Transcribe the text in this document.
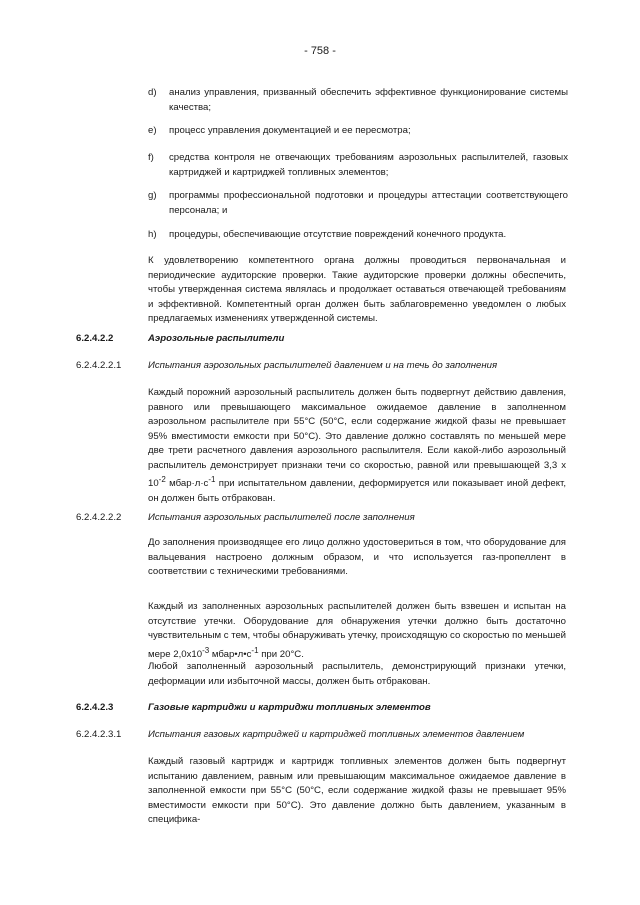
- 758 -
d) анализ управления, призванный обеспечить эффективное функционирование системы качества;
e) процесс управления документацией и ее пересмотра;
f) средства контроля не отвечающих требованиям аэрозольных распылителей, газовых картриджей и картриджей топливных элементов;
g) программы профессиональной подготовки и процедуры аттестации соответствующего персонала; и
h) процедуры, обеспечивающие отсутствие повреждений конечного продукта.
К удовлетворению компетентного органа должны проводиться первоначальная и периодические аудиторские проверки. Такие аудиторские проверки должны обеспечить, чтобы утвержденная система являлась и продолжает оставаться отвечающей требованиям и эффективной. Компетентный орган должен быть заблаговременно уведомлен о любых предлагаемых изменениях утвержденной системы.
6.2.4.2.2	Аэрозольные распылители
6.2.4.2.2.1	Испытания аэрозольных распылителей давлением и на течь до заполнения
Каждый порожний аэрозольный распылитель должен быть подвергнут действию давления, равного или превышающего максимальное ожидаемое давление в заполненном аэрозольном распылителе при 55°C (50°C, если содержание жидкой фазы не превышает 95% вместимости емкости при 50°C). Это давление должно составлять по меньшей мере две трети расчетного давления аэрозольного распылителя. Если какой-либо аэрозольный распылитель демонстрирует признаки течи со скоростью, равной или превышающей 3,3 x $10^{-2}$ $мбар\cdot л\cdot с^{-1}$ при испытательном давлении, деформируется или показывает иной дефект, он должен быть отбракован.
6.2.4.2.2.2	Испытания аэрозольных распылителей после заполнения
До заполнения производящее его лицо должно удостовериться в том, что оборудование для вальцевания настроено должным образом, и что используется газ-пропеллент в соответствии с техническими требованиями.
Каждый из заполненных аэрозольных распылителей должен быть взвешен и испытан на отсутствие утечки. Оборудование для обнаружения утечки должно быть достаточно чувствительным с тем, чтобы обнаруживать утечку, происходящую со скоростью по меньшей мере $2,0x10^{-3}$ $мбар•л•с^{-1}$ при 20°C.
Любой заполненный аэрозольный распылитель, демонстрирующий признаки утечки, деформации или избыточной массы, должен быть отбракован.
6.2.4.2.3	Газовые картриджи и картриджи топливных элементов
6.2.4.2.3.1	Испытания газовых картриджей и картриджей топливных элементов давлением
Каждый газовый картридж и картридж топливных элементов должен быть подвергнут испытанию давлением, равным или превышающим максимальное ожидаемое давление в заполненной емкости при 55°C (50°C, если содержание жидкой фазы не превышает 95% вместимости емкости при 50°C). Это давление должно быть давлением, указанным в специфика-
